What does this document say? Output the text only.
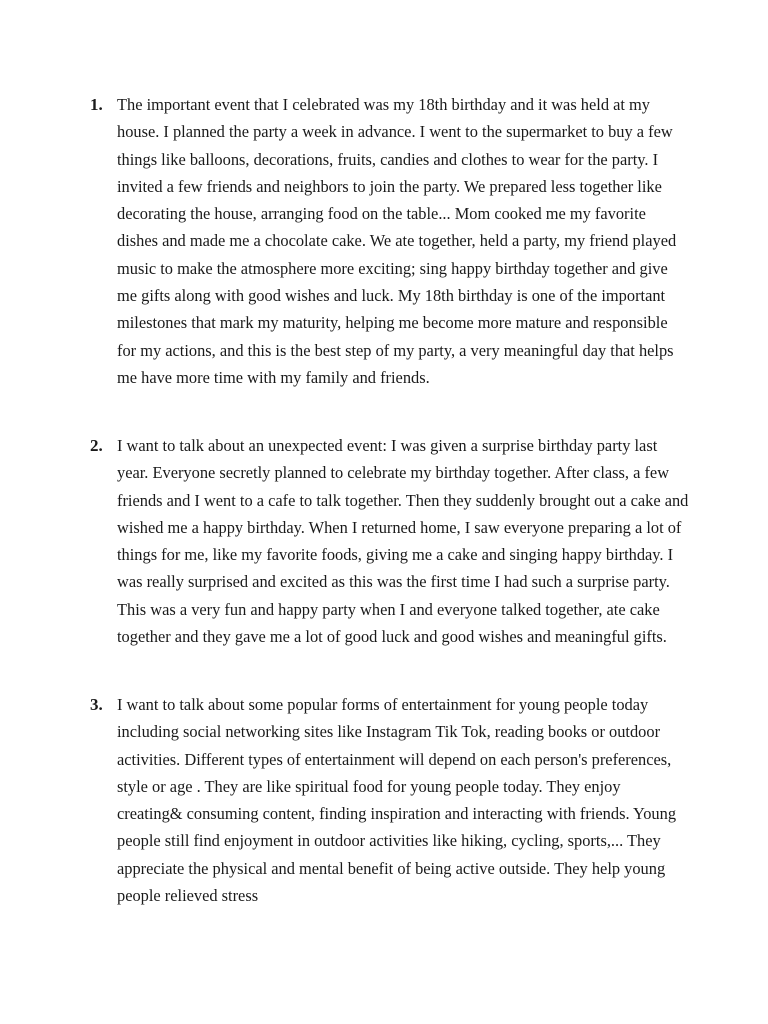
1. The important event that I celebrated was my 18th birthday and it was held at my house. I planned the party a week in advance. I went to the supermarket to buy a few things like balloons, decorations, fruits, candies and clothes to wear for the party. I invited a few friends and neighbors to join the party. We prepared less together like decorating the house, arranging food on the table... Mom cooked me my favorite dishes and made me a chocolate cake. We ate together, held a party, my friend played music to make the atmosphere more exciting; sing happy birthday together and give me gifts along with good wishes and luck. My 18th birthday is one of the important milestones that mark my maturity, helping me become more mature and responsible for my actions, and this is the best step of my party, a very meaningful day that helps me have more time with my family and friends.
2. I want to talk about an unexpected event: I was given a surprise birthday party last year. Everyone secretly planned to celebrate my birthday together. After class, a few friends and I went to a cafe to talk together. Then they suddenly brought out a cake and wished me a happy birthday. When I returned home, I saw everyone preparing a lot of things for me, like my favorite foods, giving me a cake and singing happy birthday. I was really surprised and excited as this was the first time I had such a surprise party. This was a very fun and happy party when I and everyone talked together, ate cake together and they gave me a lot of good luck and good wishes and meaningful gifts.
3. I want to talk about some popular forms of entertainment for young people today including social networking sites like Instagram Tik Tok, reading books or outdoor activities. Different types of entertainment will depend on each person's preferences, style or age . They are like spiritual food for young people today. They enjoy creating& consuming content, finding inspiration and interacting with friends. Young people still find enjoyment in outdoor activities like hiking, cycling, sports,... They appreciate the physical and mental benefit of being active outside. They help young people relieved stress
